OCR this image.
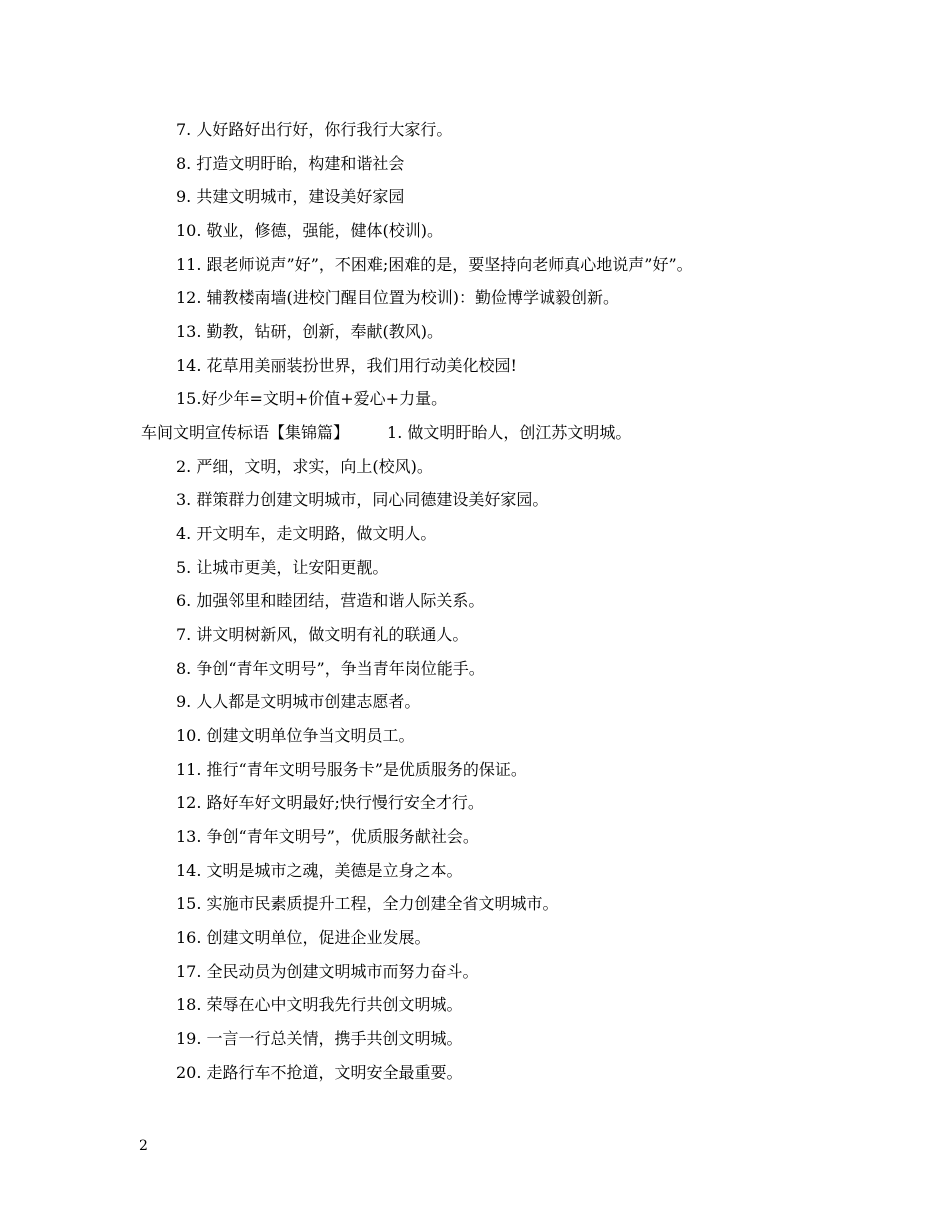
7. 人好路好出行好，你行我行大家行。
8. 打造文明盱眙，构建和谐社会
9. 共建文明城市，建设美好家园
10. 敬业，修德，强能，健体(校训)。
11. 跟老师说声”好”，不困难;困难的是，要坚持向老师真心地说声”好”。
12. 辅教楼南墙(进校门醒目位置为校训)：勤俭博学诚毅创新。
13. 勤教，钻研，创新，奉献(教风)。
14. 花草用美丽装扮世界，我们用行动美化校园!
15.好少年=文明+价值+爱心+力量。
车间文明宣传标语【集锦篇】 1. 做文明盱眙人，创江苏文明城。
2. 严细，文明，求实，向上(校风)。
3. 群策群力创建文明城市，同心同德建设美好家园。
4. 开文明车，走文明路，做文明人。
5. 让城市更美，让安阳更靓。
6. 加强邻里和睦团结，营造和谐人际关系。
7. 讲文明树新风，做文明有礼的联通人。
8. 争创“青年文明号”，争当青年岗位能手。
9. 人人都是文明城市创建志愿者。
10. 创建文明单位争当文明员工。
11. 推行“青年文明号服务卡”是优质服务的保证。
12. 路好车好文明最好;快行慢行安全才行。
13. 争创“青年文明号”，优质服务献社会。
14. 文明是城市之魂，美德是立身之本。
15. 实施市民素质提升工程，全力创建全省文明城市。
16. 创建文明单位，促进企业发展。
17. 全民动员为创建文明城市而努力奋斗。
18. 荣辱在心中文明我先行共创文明城。
19. 一言一行总关情，携手共创文明城。
20. 走路行车不抢道，文明安全最重要。
2
